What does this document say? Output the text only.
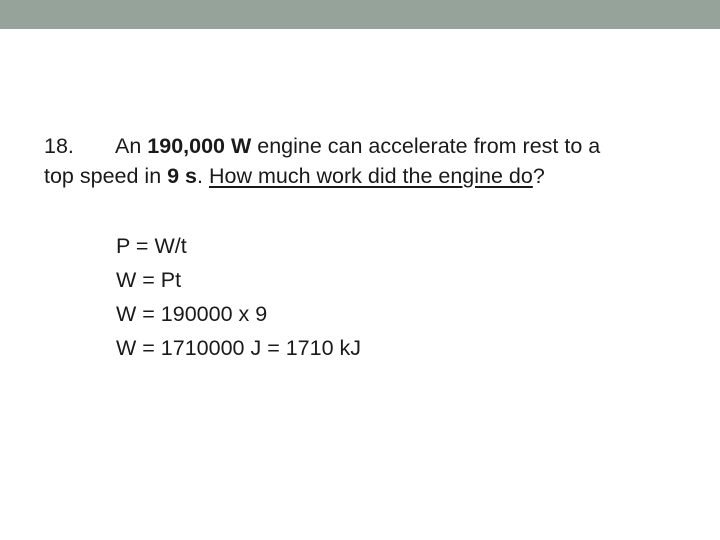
18. An 190,000 W engine can accelerate from rest to a
top speed in 9 s. How much work did the engine do?
P = W/t
W = Pt
W = 190000 x 9
W = 1710000 J = 1710 kJ
